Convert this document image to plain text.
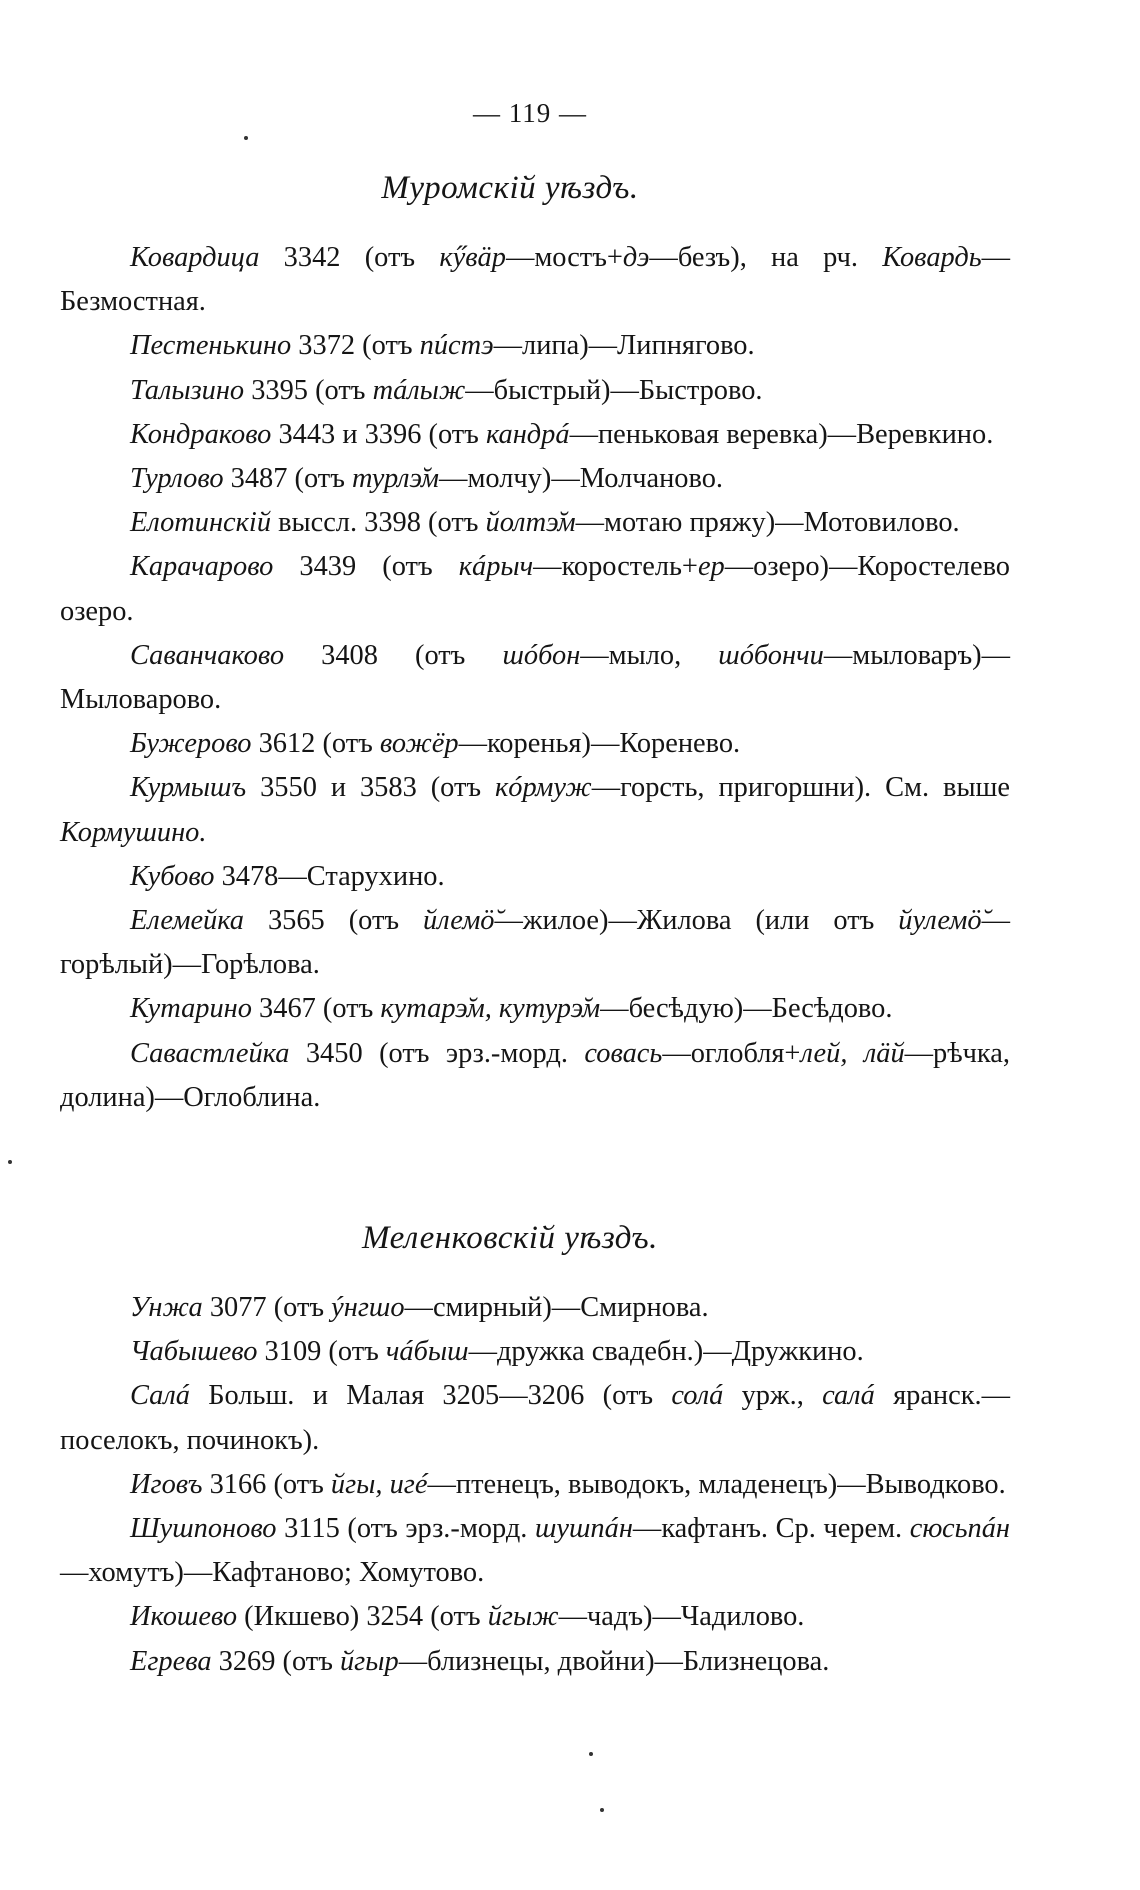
— 119 —
Муромскій уѣздъ.

Ковардица 3342 (отъ кӳвäр—мостъ+дэ—безъ), на рч. Ковардь—Безмостная.

Пестенькино 3372 (отъ пúстэ—липа)—Липнягово.

Талызино 3395 (отъ тáлыж—быстрый)—Быстрово.

Кондраково 3443 и 3396 (отъ кандрá—пеньковая веревка)—Веревкино.

Турлово 3487 (отъ турлэ̆м—молчу)—Молчаново.

Елотинскій выссл. 3398 (отъ йолтэ̆м—мотаю пряжу)—Мотовилово.

Карачарово 3439 (отъ кáрыч—коростель+ер—озеро)—Коростелево озеро.

Саванчаково 3408 (отъ шóбон—мыло, шóбончи—мыловаръ)—Мыловарово.

Бужерово 3612 (отъ вожёр—коренья)—Коренево.

Курмышъ 3550 и 3583 (отъ кóрмуж—горсть, пригоршни). См. выше Кормушино.

Кубово 3478—Старухино.

Елемейка 3565 (отъ йлемӧ̆—жилое)—Жилова (или отъ йулемӧ̆—горѣлый)—Горѣлова.

Кутарино 3467 (отъ кутарэ̆м, кутурэ̆м—бесѣдую)—Бесѣдово.

Савастлейка 3450 (отъ эрз.-морд. совась—оглобля+лей, лäй—рѣчка, долина)—Оглоблина.

Меленковскій уѣздъ.

Унжа 3077 (отъ ýнгшо—смирный)—Смирнова.

Чабышево 3109 (отъ чáбыш—дружка свадебн.)—Дружкино.

Салá Больш. и Малая 3205—3206 (отъ солá урж., салá яранск.—поселокъ, починокъ).

Иговъ 3166 (отъ йгы, игé—птенецъ, выводокъ, младенецъ)—Выводково.

Шушпоново 3115 (отъ эрз.-морд. шушпáн—кафтанъ. Ср. черем. сюсьпáн—хомутъ)—Кафтаново; Хомутово.

Икошево (Икшево) 3254 (отъ йгыж—чадъ)—Чадилово.

Егрева 3269 (отъ йгыр—близнецы, двойни)—Близнецова.
